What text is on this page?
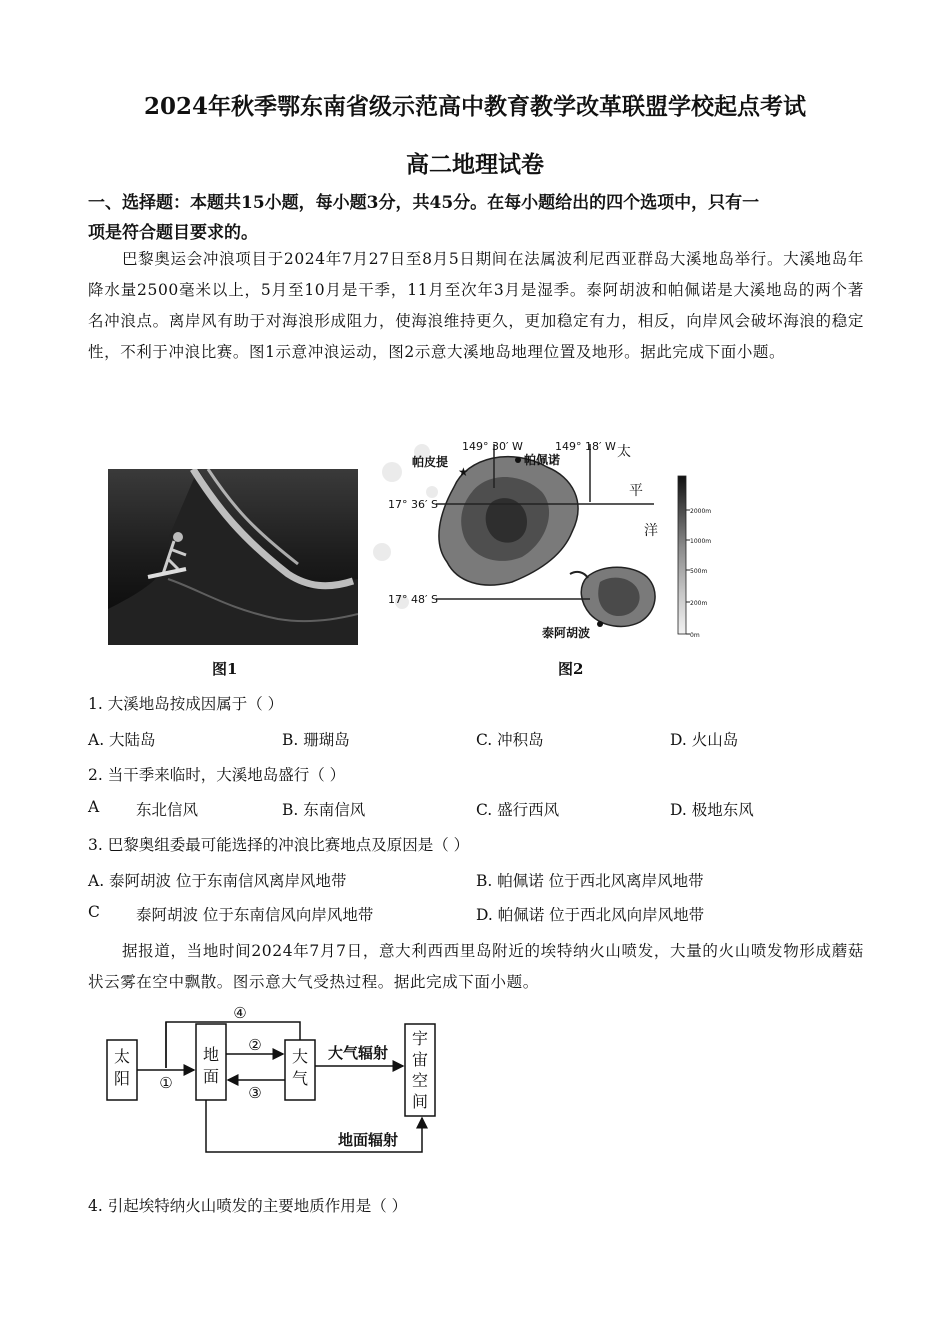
2024年秋季鄂东南省级示范高中教育教学改革联盟学校起点考试
高二地理试卷
一、选择题：本题共15小题，每小题3分，共45分。在每小题给出的四个选项中，只有一
项是符合题目要求的。
巴黎奥运会冲浪项目于2024年7月27日至8月5日期间在法属波利尼西亚群岛大溪地岛举行。大溪地岛年降水量2500毫米以上，5月至10月是干季，11月至次年3月是湿季。泰阿胡波和帕佩诺是大溪地岛的两个著名冲浪点。离岸风有助于对海浪形成阻力，使海浪维持更久，更加稳定有力，相反，向岸风会破坏海浪的稳定性，不利于冲浪比赛。图1示意冲浪运动，图2示意大溪地岛地理位置及地形。据此完成下面小题。
图1
149° 30′ W	149° 18′ W
17° 36′ S
17° 48′ S
帕皮提
★
帕佩诺
泰阿胡波
太
平
洋
2000m
1000m
500m
200m
0m
图2
1. 大溪地岛按成因属于（ ）
A. 大陆岛	B. 珊瑚岛	C. 冲积岛	D. 火山岛
2. 当干季来临时，大溪地岛盛行（ ）
A 东北信风	B. 东南信风	C. 盛行西风	D. 极地东风
3. 巴黎奥组委最可能选择的冲浪比赛地点及原因是（ ）
A. 泰阿胡波 位于东南信风离岸风地带	B. 帕佩诺 位于西北风离岸风地带
C 泰阿胡波 位于东南信风向岸风地带	D. 帕佩诺 位于西北风向岸风地带
据报道，当地时间2024年7月7日，意大利西西里岛附近的埃特纳火山喷发，大量的火山喷发物形成蘑菇状云雾在空中飘散。图示意大气受热过程。据此完成下面小题。
太
阳
地
面
大
气
宇
宙
空
间
①
②
③
④
大气辐射
地面辐射
4. 引起埃特纳火山喷发的主要地质作用是（ ）
